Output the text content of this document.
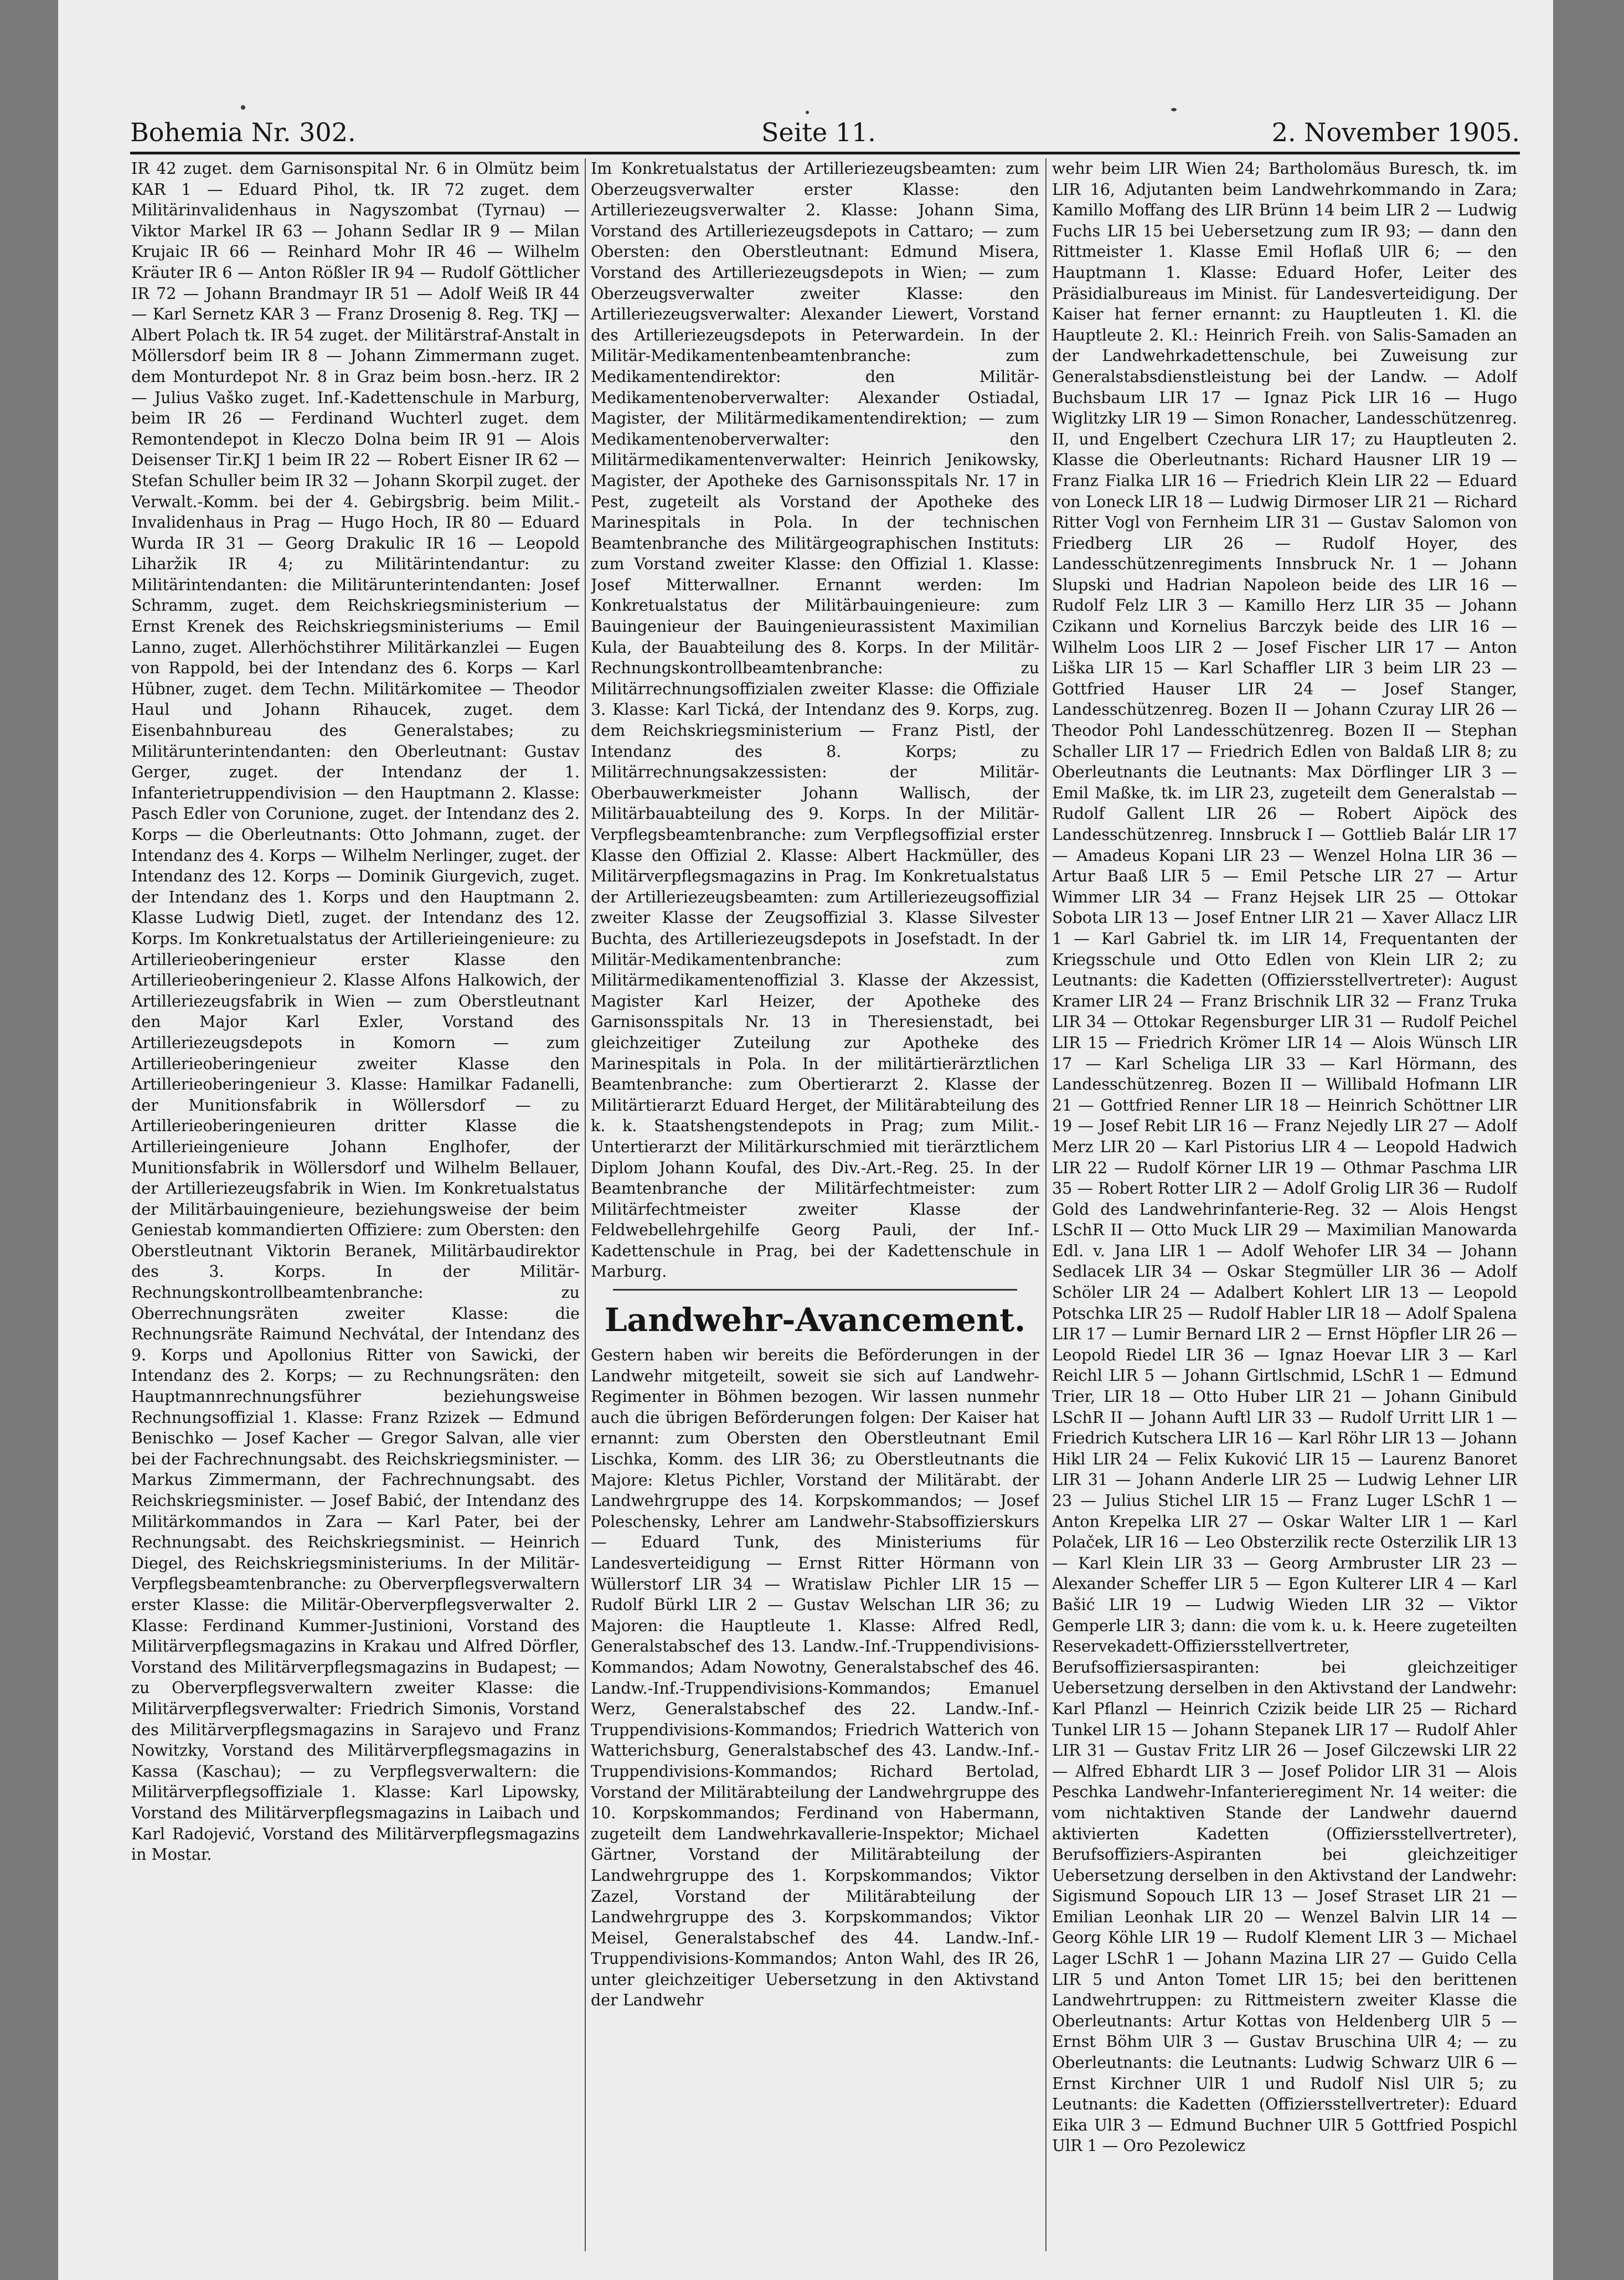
Bohemia Nr. 302.	Seite 11.	2. November 1905.

IR 42 zuget. dem Garnisonspital Nr. 6 in Olmütz beim KAR 1 — Eduard Pihol, tk. IR 72 zuget. dem Militärinvalidenhaus in Nagyszombat (Tyrnau) — Viktor Markel IR 63 — Johann Sedlar IR 9 — Milan Krujaic IR 66 — Reinhard Mohr IR 46 — Wilhelm Kräuter IR 6 — Anton Rößler IR 94 — Rudolf Göttlicher IR 72 — Johann Brandmayr IR 51 — Adolf Weiß IR 44 — Karl Sernetz KAR 3 — Franz Drosenig 8. Reg. TKJ — Albert Polach tk. IR 54 zuget. der Militärstraf-Anstalt in Möllersdorf beim IR 8 — Johann Zimmermann zuget. dem Monturdepot Nr. 8 in Graz beim bosn.-herz. IR 2 — Julius Vaško zuget. Inf.-Kadettenschule in Marburg, beim IR 26 — Ferdinand Wuchterl zuget. dem Remontendepot in Kleczo Dolna beim IR 91 — Alois Deisenser Tir.KJ 1 beim IR 22 — Robert Eisner IR 62 — Stefan Schuller beim IR 32 — Johann Skorpil zuget. der Verwalt.-Komm. bei der 4. Gebirgsbrig. beim Milit.-Invalidenhaus in Prag — Hugo Hoch, IR 80 — Eduard Wurda IR 31 — Georg Drakulic IR 16 — Leopold Liharžik IR 4; zu Militärintendantur: zu Militärintendanten: die Militärunterintendanten: Josef Schramm, zuget. dem Reichskriegsministerium — Ernst Krenek des Reichskriegsministeriums — Emil Lanno, zuget. Allerhöchstihrer Militärkanzlei — Eugen von Rappold, bei der Intendanz des 6. Korps — Karl Hübner, zuget. dem Techn. Militärkomitee — Theodor Haul und Johann Rihaucek, zuget. dem Eisenbahnbureau des Generalstabes; zu Militärunterintendanten: den Oberleutnant: Gustav Gerger, zuget. der Intendanz der 1. Infanterietruppendivision — den Hauptmann 2. Klasse: Pasch Edler von Corunione, zuget. der Intendanz des 2. Korps — die Oberleutnants: Otto Johmann, zuget. der Intendanz des 4. Korps — Wilhelm Nerlinger, zuget. der Intendanz des 12. Korps — Dominik Giurgevich, zuget. der Intendanz des 1. Korps und den Hauptmann 2. Klasse Ludwig Dietl, zuget. der Intendanz des 12. Korps. Im Konkretualstatus der Artillerieingenieure: zu Artillerieoberingenieur erster Klasse den Artillerieoberingenieur 2. Klasse Alfons Halkowich, der Artilleriezeugsfabrik in Wien — zum Oberstleutnant den Major Karl Exler, Vorstand des Artilleriezeugsdepots in Komorn — zum Artillerieoberingenieur zweiter Klasse den Artillerieoberingenieur 3. Klasse: Hamilkar Fadanelli, der Munitionsfabrik in Wöllersdorf — zu Artillerieoberingenieuren dritter Klasse die Artillerieingenieure Johann Englhofer, der Munitionsfabrik in Wöllersdorf und Wilhelm Bellauer, der Artilleriezeugsfabrik in Wien. Im Konkretualstatus der Militärbauingenieure, beziehungsweise der beim Geniestab kommandierten Offiziere: zum Obersten: den Oberstleutnant Viktorin Beranek, Militärbaudirektor des 3. Korps. In der Militär-Rechnungskontrollbeamtenbranche: zu Oberrechnungsräten zweiter Klasse: die Rechnungsräte Raimund Nechvátal, der Intendanz des 9. Korps und Apollonius Ritter von Sawicki, der Intendanz des 2. Korps; — zu Rechnungsräten: den Hauptmannrechnungsführer beziehungsweise Rechnungsoffizial 1. Klasse: Franz Rzizek — Edmund Benischko — Josef Kacher — Gregor Salvan, alle vier bei der Fachrechnungsabt. des Reichskriegsminister. — Markus Zimmermann, der Fachrechnungsabt. des Reichskriegsminister. — Josef Babić, der Intendanz des Militärkommandos in Zara — Karl Pater, bei der Rechnungsabt. des Reichskriegsminist. — Heinrich Diegel, des Reichskriegsministeriums. In der Militär-Verpflegsbeamtenbranche: zu Oberverpflegsverwaltern erster Klasse: die Militär-Oberverpflegsverwalter 2. Klasse: Ferdinand Kummer-Justinioni, Vorstand des Militärverpflegsmagazins in Krakau und Alfred Dörfler, Vorstand des Militärverpflegsmagazins in Budapest; — zu Oberverpflegsverwaltern zweiter Klasse: die Militärverpflegsverwalter: Friedrich Simonis, Vorstand des Militärverpflegsmagazins in Sarajevo und Franz Nowitzky, Vorstand des Militärverpflegsmagazins in Kassa (Kaschau); — zu Verpflegsverwaltern: die Militärverpflegsoffiziale 1. Klasse: Karl Lipowsky, Vorstand des Militärverpflegsmagazins in Laibach und Karl Radojević, Vorstand des Militärverpflegsmagazins in Mostar.

Im Konkretualstatus der Artilleriezeugsbeamten: zum Oberzeugsverwalter erster Klasse: den Artilleriezeugsverwalter 2. Klasse: Johann Sima, Vorstand des Artilleriezeugsdepots in Cattaro; — zum Obersten: den Oberstleutnant: Edmund Misera, Vorstand des Artilleriezeugsdepots in Wien; — zum Oberzeugsverwalter zweiter Klasse: den Artilleriezeugsverwalter: Alexander Liewert, Vorstand des Artilleriezeugsdepots in Peterwardein. In der Militär-Medikamentenbeamtenbranche: zum Medikamentendirektor: den Militär-Medikamentenoberverwalter: Alexander Ostiadal, Magister, der Militärmedikamentendirektion; — zum Medikamentenoberverwalter: den Militärmedikamentenverwalter: Heinrich Jenikowsky, Magister, der Apotheke des Garnisonsspitals Nr. 17 in Pest, zugeteilt als Vorstand der Apotheke des Marinespitals in Pola. In der technischen Beamtenbranche des Militärgeographischen Instituts: zum Vorstand zweiter Klasse: den Offizial 1. Klasse: Josef Mitterwallner. Ernannt werden: Im Konkretualstatus der Militärbauingenieure: zum Bauingenieur der Bauingenieurassistent Maximilian Kula, der Bauabteilung des 8. Korps. In der Militär-Rechnungskontrollbeamtenbranche: zu Militärrechnungsoffizialen zweiter Klasse: die Offiziale 3. Klasse: Karl Tická, der Intendanz des 9. Korps, zug. dem Reichskriegsministerium — Franz Pistl, der Intendanz des 8. Korps; zu Militärrechnungsakzessisten: der Militär-Oberbauwerkmeister Johann Wallisch, der Militärbauabteilung des 9. Korps. In der Militär-Verpflegsbeamtenbranche: zum Verpflegsoffizial erster Klasse den Offizial 2. Klasse: Albert Hackmüller, des Militärverpflegsmagazins in Prag. Im Konkretualstatus der Artilleriezeugsbeamten: zum Artilleriezeugsoffizial zweiter Klasse der Zeugsoffizial 3. Klasse Silvester Buchta, des Artilleriezeugsdepots in Josefstadt. In der Militär-Medikamentenbranche: zum Militärmedikamentenoffizial 3. Klasse der Akzessist, Magister Karl Heizer, der Apotheke des Garnisonsspitals Nr. 13 in Theresienstadt, bei gleichzeitiger Zuteilung zur Apotheke des Marinespitals in Pola. In der militärtierärztlichen Beamtenbranche: zum Obertierarzt 2. Klasse der Militärtierarzt Eduard Herget, der Militärabteilung des k. k. Staatshengstendepots in Prag; zum Milit.-Untertierarzt der Militärkurschmied mit tierärztlichem Diplom Johann Koufal, des Div.-Art.-Reg. 25. In der Beamtenbranche der Militärfechtmeister: zum Militärfechtmeister zweiter Klasse der Feldwebellehrgehilfe Georg Pauli, der Inf.-Kadettenschule in Prag, bei der Kadettenschule in Marburg.

Landwehr-Avancement.

Gestern haben wir bereits die Beförderungen in der Landwehr mitgeteilt, soweit sie sich auf Landwehr-Regimenter in Böhmen bezogen. Wir lassen nunmehr auch die übrigen Beförderungen folgen: Der Kaiser hat ernannt: zum Obersten den Oberstleutnant Emil Lischka, Komm. des LIR 36; zu Oberstleutnants die Majore: Kletus Pichler, Vorstand der Militärabt. der Landwehrgruppe des 14. Korpskommandos; — Josef Poleschensky, Lehrer am Landwehr-Stabsoffizierskurs — Eduard Tunk, des Ministeriums für Landesverteidigung — Ernst Ritter Hörmann von Wüllerstorf LIR 34 — Wratislaw Pichler LIR 15 — Rudolf Bürkl LIR 2 — Gustav Welschan LIR 36; zu Majoren: die Hauptleute 1. Klasse: Alfred Redl, Generalstabschef des 13. Landw.-Inf.-Truppendivisions-Kommandos; Adam Nowotny, Generalstabschef des 46. Landw.-Inf.-Truppendivisions-Kommandos; Emanuel Werz, Generalstabschef des 22. Landw.-Inf.-Truppendivisions-Kommandos; Friedrich Watterich von Watterichsburg, Generalstabschef des 43. Landw.-Inf.-Truppendivisions-Kommandos; Richard Bertolad, Vorstand der Militärabteilung der Landwehrgruppe des 10. Korpskommandos; Ferdinand von Habermann, zugeteilt dem Landwehrkavallerie-Inspektor; Michael Gärtner, Vorstand der Militärabteilung der Landwehrgruppe des 1. Korpskommandos; Viktor Zazel, Vorstand der Militärabteilung der Landwehrgruppe des 3. Korpskommandos; Viktor Meisel, Generalstabschef des 44. Landw.-Inf.-Truppendivisions-Kommandos; Anton Wahl, des IR 26, unter gleichzeitiger Uebersetzung in den Aktivstand der Landwehr

wehr beim LIR Wien 24; Bartholomäus Buresch, tk. im LIR 16, Adjutanten beim Landwehrkommando in Zara; Kamillo Moffang des LIR Brünn 14 beim LIR 2 — Ludwig Fuchs LIR 15 bei Uebersetzung zum IR 93; — dann den Rittmeister 1. Klasse Emil Hoflaß UlR 6; — den Hauptmann 1. Klasse: Eduard Hofer, Leiter des Präsidialbureaus im Minist. für Landesverteidigung. Der Kaiser hat ferner ernannt: zu Hauptleuten 1. Kl. die Hauptleute 2. Kl.: Heinrich Freih. von Salis-Samaden an der Landwehrkadettenschule, bei Zuweisung zur Generalstabsdienstleistung bei der Landw. — Adolf Buchsbaum LIR 17 — Ignaz Pick LIR 16 — Hugo Wiglitzky LIR 19 — Simon Ronacher, Landesschützenreg. II, und Engelbert Czechura LIR 17; zu Hauptleuten 2. Klasse die Oberleutnants: Richard Hausner LIR 19 — Franz Fialka LIR 16 — Friedrich Klein LIR 22 — Eduard von Loneck LIR 18 — Ludwig Dirmoser LIR 21 — Richard Ritter Vogl von Fernheim LIR 31 — Gustav Salomon von Friedberg LIR 26 — Rudolf Hoyer, des Landesschützenregiments Innsbruck Nr. 1 — Johann Slupski und Hadrian Napoleon beide des LIR 16 — Rudolf Felz LIR 3 — Kamillo Herz LIR 35 — Johann Czikann und Kornelius Barczyk beide des LIR 16 — Wilhelm Loos LIR 2 — Josef Fischer LIR 17 — Anton Liška LIR 15 — Karl Schaffler LIR 3 beim LIR 23 — Gottfried Hauser LIR 24 — Josef Stanger, Landesschützenreg. Bozen II — Johann Czuray LIR 26 — Theodor Pohl Landesschützenreg. Bozen II — Stephan Schaller LIR 17 — Friedrich Edlen von Baldaß LIR 8; zu Oberleutnants die Leutnants: Max Dörflinger LIR 3 — Emil Maßke, tk. im LIR 23, zugeteilt dem Generalstab — Rudolf Gallent LIR 26 — Robert Aipöck des Landesschützenreg. Innsbruck I — Gottlieb Balár LIR 17 — Amadeus Kopani LIR 23 — Wenzel Holna LIR 36 — Artur Baaß LIR 5 — Emil Petsche LIR 27 — Artur Wimmer LIR 34 — Franz Hejsek LIR 25 — Ottokar Sobota LIR 13 — Josef Entner LIR 21 — Xaver Allacz LIR 1 — Karl Gabriel tk. im LIR 14, Frequentanten der Kriegsschule und Otto Edlen von Klein LIR 2; zu Leutnants: die Kadetten (Offiziersstellvertreter): August Kramer LIR 24 — Franz Brischnik LIR 32 — Franz Truka LIR 34 — Ottokar Regensburger LIR 31 — Rudolf Peichel LIR 15 — Friedrich Krömer LIR 14 — Alois Wünsch LIR 17 — Karl Scheliga LIR 33 — Karl Hörmann, des Landesschützenreg. Bozen II — Willibald Hofmann LIR 21 — Gottfried Renner LIR 18 — Heinrich Schöttner LIR 19 — Josef Rebit LIR 16 — Franz Nejedly LIR 27 — Adolf Merz LIR 20 — Karl Pistorius LIR 4 — Leopold Hadwich LIR 22 — Rudolf Körner LIR 19 — Othmar Paschma LIR 35 — Robert Rotter LIR 2 — Adolf Grolig LIR 36 — Rudolf Gold des Landwehrinfanterie-Reg. 32 — Alois Hengst LSchR II — Otto Muck LIR 29 — Maximilian Manowarda Edl. v. Jana LIR 1 — Adolf Wehofer LIR 34 — Johann Sedlacek LIR 34 — Oskar Stegmüller LIR 36 — Adolf Schöler LIR 24 — Adalbert Kohlert LIR 13 — Leopold Potschka LIR 25 — Rudolf Habler LIR 18 — Adolf Spalena LIR 17 — Lumir Bernard LIR 2 — Ernst Höpfler LIR 26 — Leopold Riedel LIR 36 — Ignaz Hoevar LIR 3 — Karl Reichl LIR 5 — Johann Girtlschmid, LSchR 1 — Edmund Trier, LIR 18 — Otto Huber LIR 21 — Johann Ginibuld LSchR II — Johann Auftl LIR 33 — Rudolf Urritt LIR 1 — Friedrich Kutschera LIR 16 — Karl Röhr LIR 13 — Johann Hikl LIR 24 — Felix Kuković LIR 15 — Laurenz Banoret LIR 31 — Johann Anderle LIR 25 — Ludwig Lehner LIR 23 — Julius Stichel LIR 15 — Franz Luger LSchR 1 — Anton Krepelka LIR 27 — Oskar Walter LIR 1 — Karl Polaček, LIR 16 — Leo Obsterzilik recte Osterzilik LIR 13 — Karl Klein LIR 33 — Georg Armbruster LIR 23 — Alexander Scheffer LIR 5 — Egon Kulterer LIR 4 — Karl Bašić LIR 19 — Ludwig Wieden LIR 32 — Viktor Gemperle LIR 3; dann: die vom k. u. k. Heere zugeteilten Reservekadett-Offiziersstellvertreter, Berufsoffiziersaspiranten: bei gleichzeitiger Uebersetzung derselben in den Aktivstand der Landwehr: Karl Pflanzl — Heinrich Czizik beide LIR 25 — Richard Tunkel LIR 15 — Johann Stepanek LIR 17 — Rudolf Ahler LIR 31 — Gustav Fritz LIR 26 — Josef Gilczewski LIR 22 — Alfred Ebhardt LIR 3 — Josef Polidor LIR 31 — Alois Peschka Landwehr-Infanterieregiment Nr. 14 weiter: die vom nichtaktiven Stande der Landwehr dauernd aktivierten Kadetten (Offiziersstellvertreter), Berufsoffiziers-Aspiranten bei gleichzeitiger Uebersetzung derselben in den Aktivstand der Landwehr: Sigismund Sopouch LIR 13 — Josef Straset LIR 21 — Emilian Leonhak LIR 20 — Wenzel Balvin LIR 14 — Georg Köhle LIR 19 — Rudolf Klement LIR 3 — Michael Lager LSchR 1 — Johann Mazina LIR 27 — Guido Cella LIR 5 und Anton Tomet LIR 15; bei den berittenen Landwehrtruppen: zu Rittmeistern zweiter Klasse die Oberleutnants: Artur Kottas von Heldenberg UlR 5 — Ernst Böhm UlR 3 — Gustav Bruschina UlR 4; — zu Oberleutnants: die Leutnants: Ludwig Schwarz UlR 6 — Ernst Kirchner UlR 1 und Rudolf Nisl UlR 5; zu Leutnants: die Kadetten (Offiziersstellvertreter): Eduard Eika UlR 3 — Edmund Buchner UlR 5 Gottfried Pospichl UlR 1 — Oro Pezolewicz
